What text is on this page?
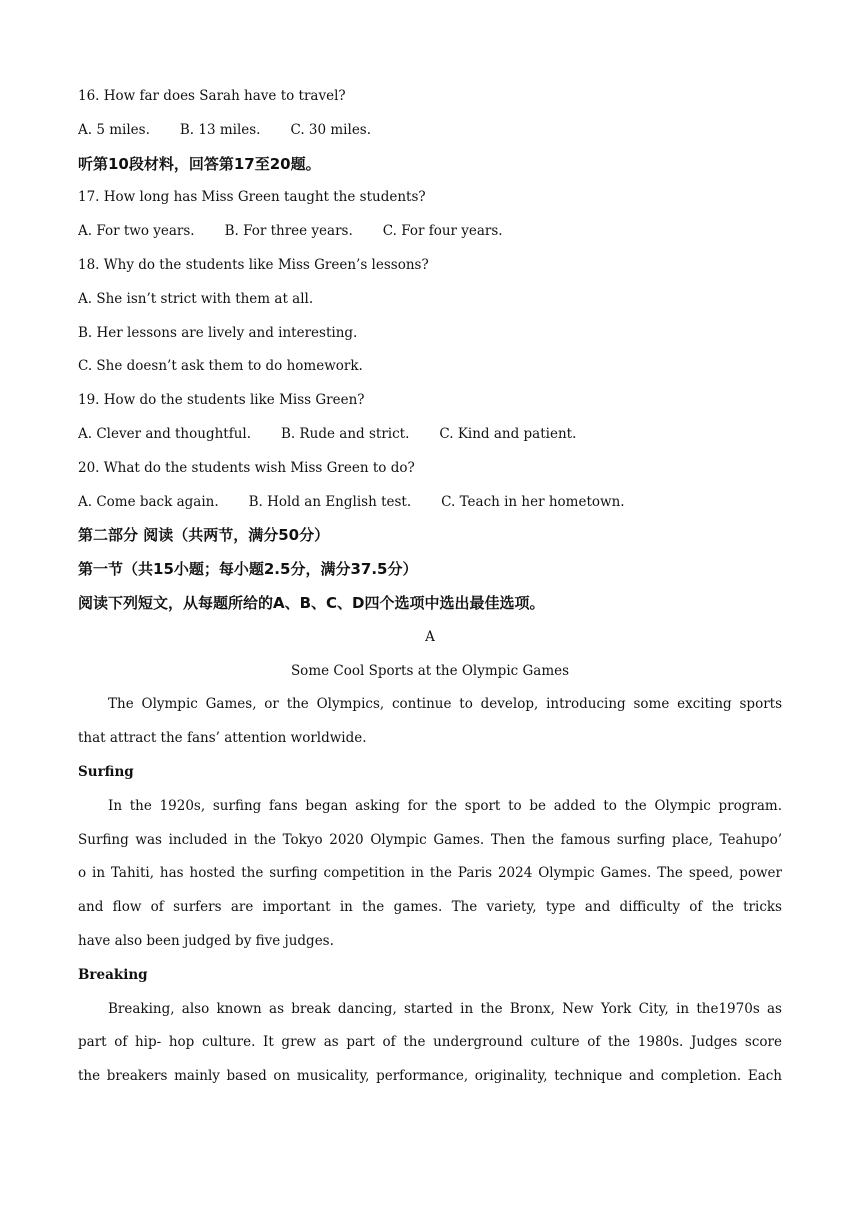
16. How far does Sarah have to travel?
A. 5 miles. B. 13 miles. C. 30 miles.
听第10段材料，回答第17至20题。
17. How long has Miss Green taught the students?
A. For two years. B. For three years. C. For four years.
18. Why do the students like Miss Green’s lessons?
A. She isn’t strict with them at all.
B. Her lessons are lively and interesting.
C. She doesn’t ask them to do homework.
19. How do the students like Miss Green?
A. Clever and thoughtful. B. Rude and strict. C. Kind and patient.
20. What do the students wish Miss Green to do?
A. Come back again. B. Hold an English test. C. Teach in her hometown.
第二部分 阅读（共两节，满分50分）
第一节（共15小题；每小题2.5分，满分37.5分）
阅读下列短文，从每题所给的A、B、C、D四个选项中选出最佳选项。
A
Some Cool Sports at the Olympic Games
The Olympic Games, or the Olympics, continue to develop, introducing some exciting sports
that attract the fans’ attention worldwide.
Surfing
In the 1920s, surfing fans began asking for the sport to be added to the Olympic program.
Surfing was included in the Tokyo 2020 Olympic Games. Then the famous surfing place, Teahupo’
o in Tahiti, has hosted the surfing competition in the Paris 2024 Olympic Games. The speed, power
and flow of surfers are important in the games. The variety, type and difficulty of the tricks
have also been judged by five judges.
Breaking
Breaking, also known as break dancing, started in the Bronx, New York City, in the1970s as
part of hip- hop culture. It grew as part of the underground culture of the 1980s. Judges score
the breakers mainly based on musicality, performance, originality, technique and completion. Each
